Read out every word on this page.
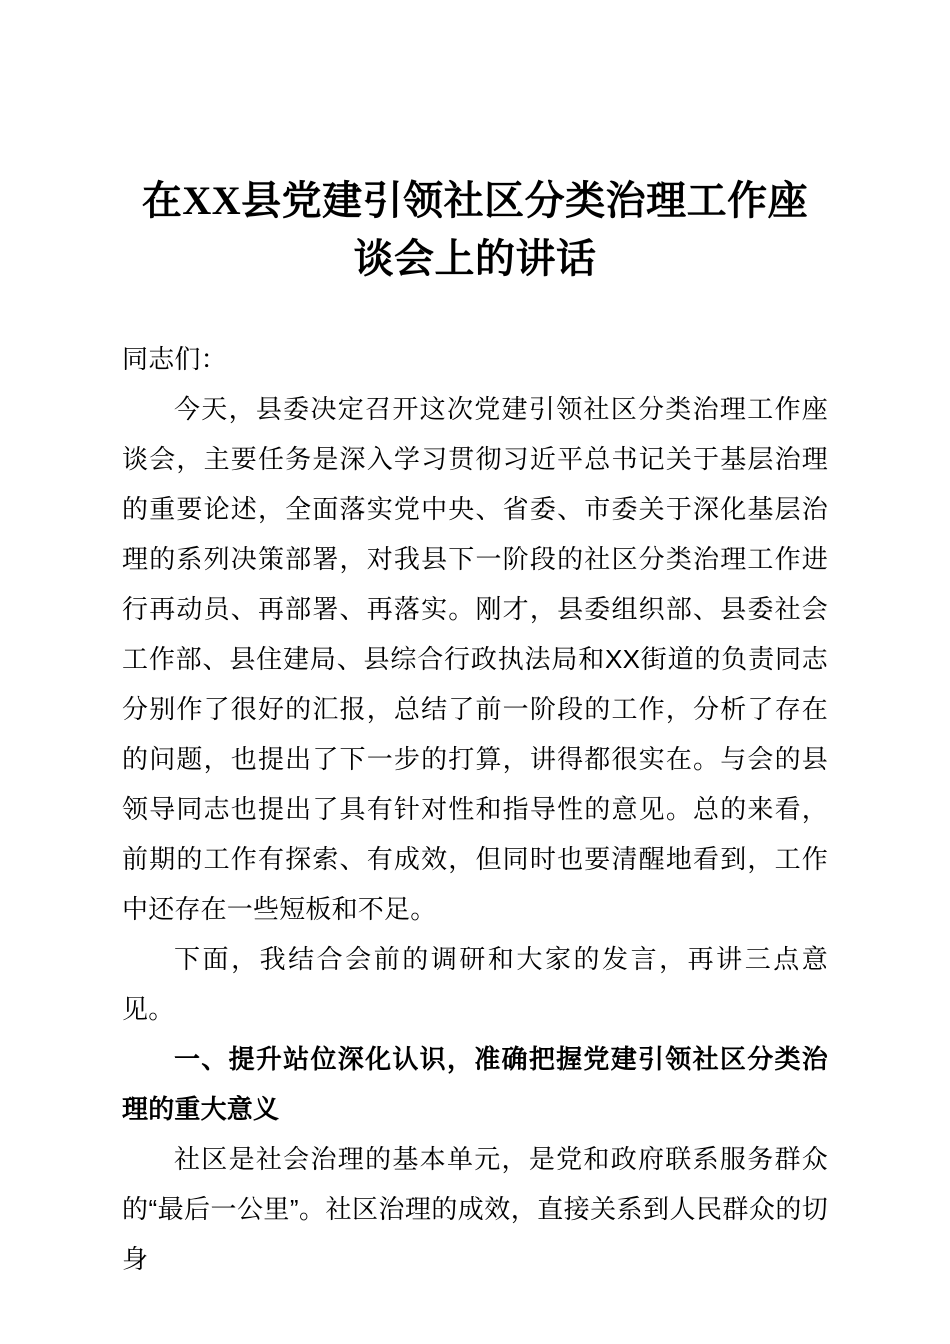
在XX县党建引领社区分类治理工作座
谈会上的讲话

同志们：

今天，县委决定召开这次党建引领社区分类治理工作座谈会，主要任务是深入学习贯彻习近平总书记关于基层治理的重要论述，全面落实党中央、省委、市委关于深化基层治理的系列决策部署，对我县下一阶段的社区分类治理工作进行再动员、再部署、再落实。刚才，县委组织部、县委社会工作部、县住建局、县综合行政执法局和XX街道的负责同志分别作了很好的汇报，总结了前一阶段的工作，分析了存在的问题，也提出了下一步的打算，讲得都很实在。与会的县领导同志也提出了具有针对性和指导性的意见。总的来看，前期的工作有探索、有成效，但同时也要清醒地看到，工作中还存在一些短板和不足。

下面，我结合会前的调研和大家的发言，再讲三点意见。

一、提升站位深化认识，准确把握党建引领社区分类治理的重大意义

社区是社会治理的基本单元，是党和政府联系服务群众的“最后一公里”。社区治理的成效，直接关系到人民群众的切身
